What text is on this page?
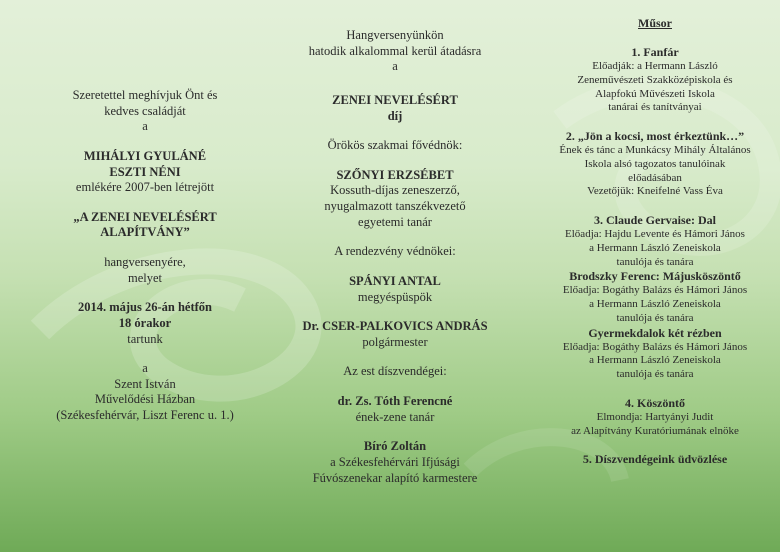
Szeretettel meghívjuk Önt és
kedves családját
a
MIHÁLYI GYULÁNÉ
ESZTI NÉNI
emlékére 2007-ben létrejött
„A ZENEI NEVELÉSÉRT
ALAPÍTVÁNY”
hangversenyére,
melyet
2014. május 26-án hétfőn
18 órakor
tartunk
a
Szent István
Művelődési Házban
(Székesfehérvár, Liszt Ferenc u. 1.)
Hangversenyünkön
hatodik alkalommal kerül átadásra
a
ZENEI NEVELÉSÉRT
díj
Örökös szakmai fővédnök:
SZŐNYI ERZSÉBET
Kossuth-díjas zeneszerző,
nyugalmazott tanszékvezető
egyetemi tanár
A rendezvény védnökei:
SPÁNYI ANTAL
megyéspüspök
Dr. CSER-PALKOVICS ANDRÁS
polgármester
Az est díszvendégei:
dr. Zs. Tóth Ferencné
ének-zene tanár
Bíró Zoltán
a Székesfehérvári Ifjúsági
Fúvószenekar alapító karmestere
Műsor
1. Fanfár
Előadják: a Hermann László
Zeneművészeti Szakközépiskola és
Alapfokú Művészeti Iskola
tanárai és tanítványai
2. „Jön a kocsi, most érkeztünk…”
Ének és tánc a Munkácsy Mihály Általános
Iskola alsó tagozatos tanulóinak
előadásában
Vezetőjük: Kneifelné Vass Éva
3. Claude Gervaise: Dal
Előadja: Hajdu Levente és Hámori János
a Hermann László Zeneiskola
tanulója és tanára
Brodszky Ferenc: Májusköszöntő
Előadja: Bogáthy Balázs és Hámori János
a Hermann László Zeneiskola
tanulója és tanára
Gyermekdalok két rézben
Előadja: Bogáthy Balázs és Hámori János
a Hermann László Zeneiskola
tanulója és tanára
4. Köszöntő
Elmondja: Hartyányi Judit
az Alapítvány Kuratóriumának elnöke
5. Díszvendégeink üdvözlése
